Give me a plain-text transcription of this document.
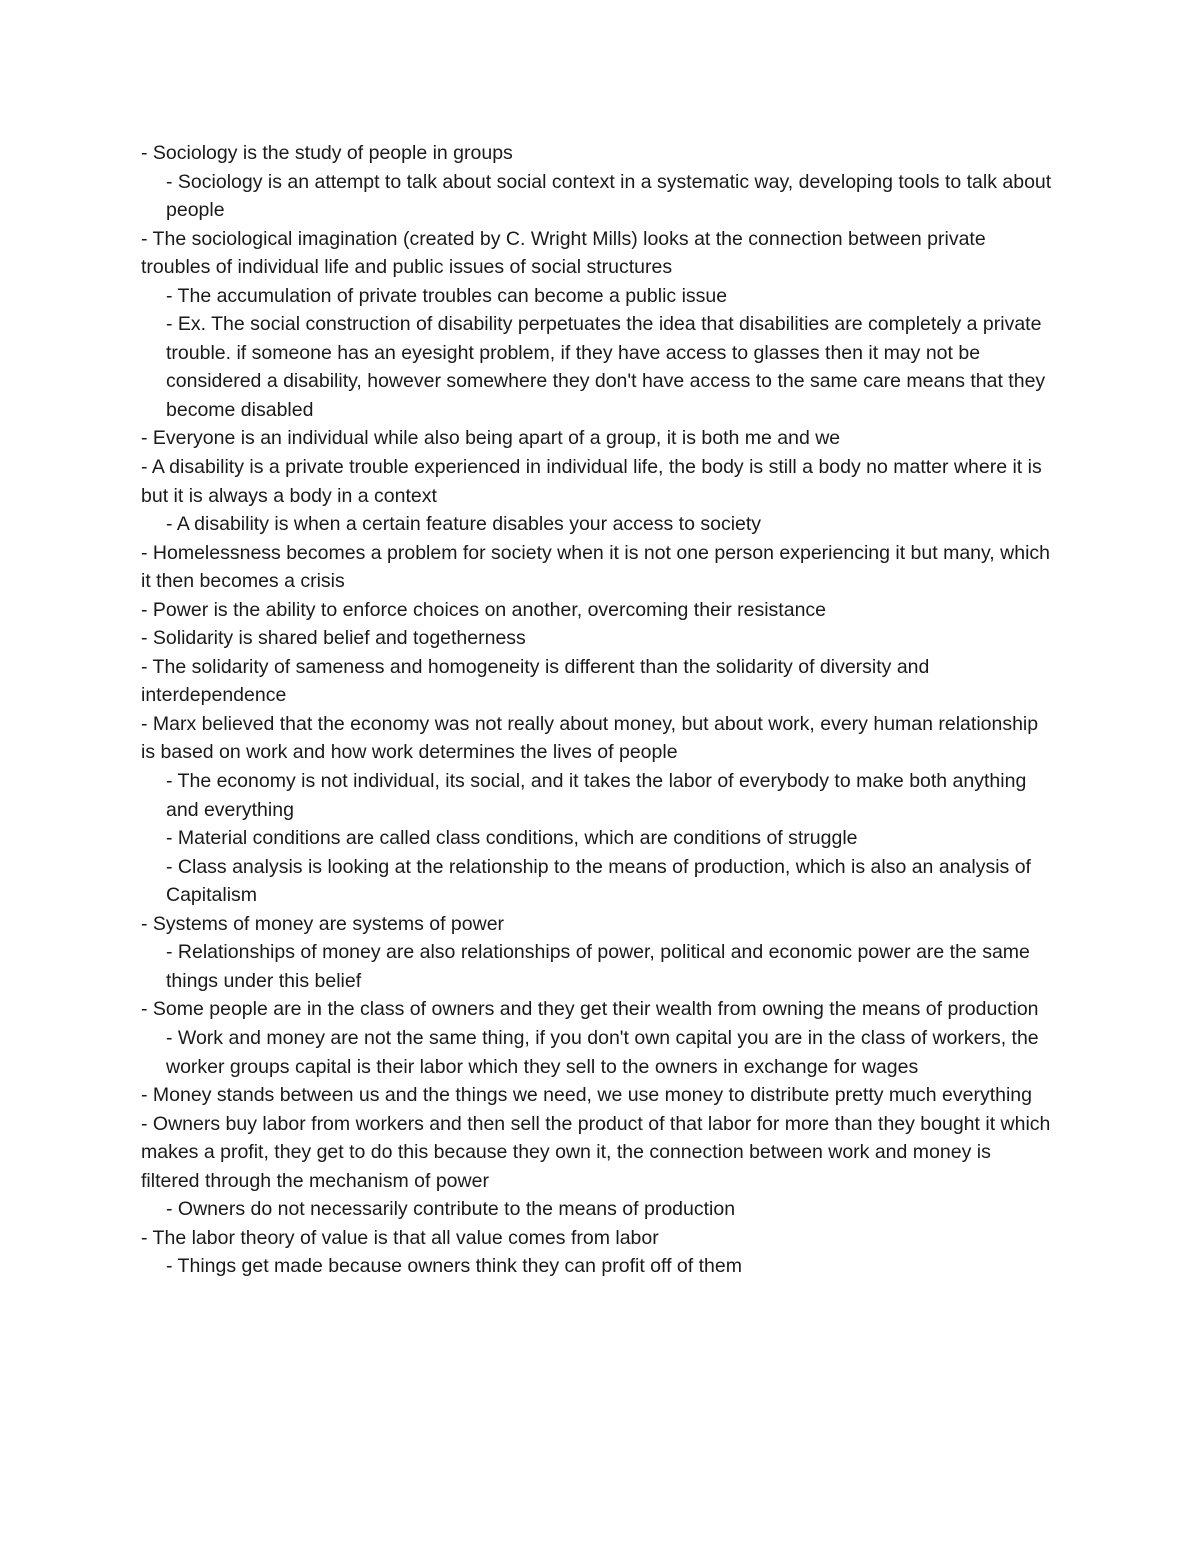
- Sociology is the study of people in groups

- Sociology is an attempt to talk about social context in a systematic way, developing tools to talk about people

- The sociological imagination (created by C. Wright Mills) looks at the connection between private troubles of individual life and public issues of social structures

- The accumulation of private troubles can become a public issue

- Ex. The social construction of disability perpetuates the idea that disabilities are completely a private trouble. if someone has an eyesight problem, if they have access to glasses then it may not be considered a disability, however somewhere they don't have access to the same care means that they become disabled

- Everyone is an individual while also being apart of a group, it is both me and we

- A disability is a private trouble experienced in individual life, the body is still a body no matter where it is but it is always a body in a context

- A disability is when a certain feature disables your access to society

- Homelessness becomes a problem for society when it is not one person experiencing it but many, which it then becomes a crisis

- Power is the ability to enforce choices on another, overcoming their resistance

- Solidarity is shared belief and togetherness

- The solidarity of sameness and homogeneity is different than the solidarity of diversity and interdependence

- Marx believed that the economy was not really about money, but about work, every human relationship is based on work and how work determines the lives of people

- The economy is not individual, its social, and it takes the labor of everybody to make both anything and everything

- Material conditions are called class conditions, which are conditions of struggle

- Class analysis is looking at the relationship to the means of production, which is also an analysis of Capitalism

- Systems of money are systems of power

- Relationships of money are also relationships of power, political and economic power are the same things under this belief

- Some people are in the class of owners and they get their wealth from owning the means of production

- Work and money are not the same thing, if you don't own capital you are in the class of workers, the worker groups capital is their labor which they sell to the owners in exchange for wages

- Money stands between us and the things we need, we use money to distribute pretty much everything

- Owners buy labor from workers and then sell the product of that labor for more than they bought it which makes a profit, they get to do this because they own it, the connection between work and money is filtered through the mechanism of power

- Owners do not necessarily contribute to the means of production

- The labor theory of value is that all value comes from labor

- Things get made because owners think they can profit off of them
